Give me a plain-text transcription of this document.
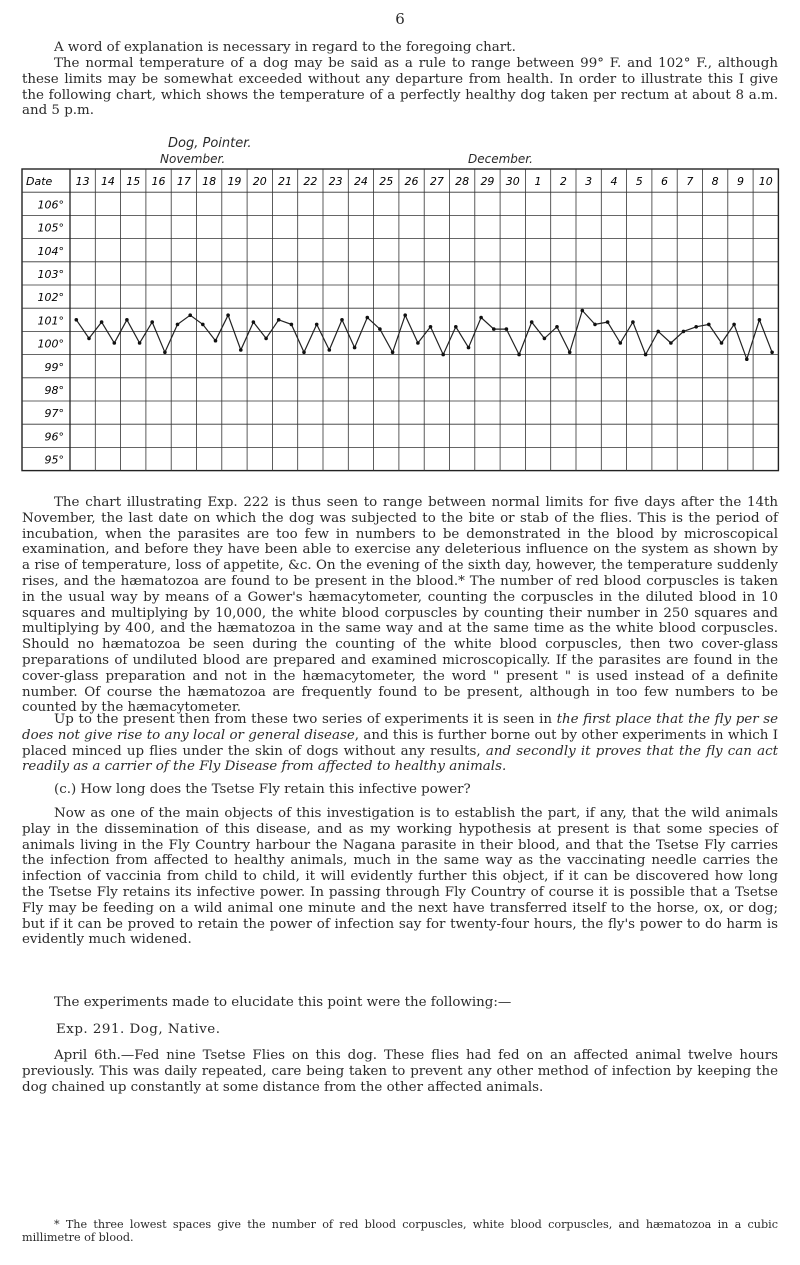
6

A word of explanation is necessary in regard to the foregoing chart.

The normal temperature of a dog may be said as a rule to range between 99° F. and 102° F., although these limits may be somewhat exceeded without any departure from health. In order to illustrate this I give the following chart, which shows the temperature of a perfectly healthy dog taken per rectum at about 8 a.m. and 5 p.m.

Dog, Pointer.
November.	December.
106°
105°
104°
103°
102°
101°
100°
99°
98°
97°
96°
95°
Date 13 14 15 16 17 18 19 20 21 22 23 24 25 26 27 28 29 30 1 2 3 4 5 6 7 8 9 10

The chart illustrating Exp. 222 is thus seen to range between normal limits for five days after the 14th November, the last date on which the dog was subjected to the bite or stab of the flies. This is the period of incubation, when the parasites are too few in numbers to be demonstrated in the blood by microscopical examination, and before they have been able to exercise any deleterious influence on the system as shown by a rise of temperature, loss of appetite, &c. On the evening of the sixth day, however, the temperature suddenly rises, and the hæmatozoa are found to be present in the blood.* The number of red blood corpuscles is taken in the usual way by means of a Gower's hæmacytometer, counting the corpuscles in the diluted blood in 10 squares and multiplying by 10,000, the white blood corpuscles by counting their number in 250 squares and multiplying by 400, and the hæmatozoa in the same way and at the same time as the white blood corpuscles. Should no hæmatozoa be seen during the counting of the white blood corpuscles, then two cover-glass preparations of undiluted blood are prepared and examined microscopically. If the parasites are found in the cover-glass preparation and not in the hæmacytometer, the word " present " is used instead of a definite number. Of course the hæmatozoa are frequently found to be present, although in too few numbers to be counted by the hæmacytometer.

Up to the present then from these two series of experiments it is seen in the first place that the fly per se does not give rise to any local or general disease, and this is further borne out by other experiments in which I placed minced up flies under the skin of dogs without any results, and secondly it proves that the fly can act readily as a carrier of the Fly Disease from affected to healthy animals.

(c.) How long does the Tsetse Fly retain this infective power?

Now as one of the main objects of this investigation is to establish the part, if any, that the wild animals play in the dissemination of this disease, and as my working hypothesis at present is that some species of animals living in the Fly Country harbour the Nagana parasite in their blood, and that the Tsetse Fly carries the infection from affected to healthy animals, much in the same way as the vaccinating needle carries the infection of vaccinia from child to child, it will evidently further this object, if it can be discovered how long the Tsetse Fly retains its infective power. In passing through Fly Country of course it is possible that a Tsetse Fly may be feeding on a wild animal one minute and the next have transferred itself to the horse, ox, or dog; but if it can be proved to retain the power of infection say for twenty-four hours, the fly's power to do harm is evidently much widened.

The experiments made to elucidate this point were the following:—

Exp. 291. Dog, Native.

April 6th.—Fed nine Tsetse Flies on this dog. These flies had fed on an affected animal twelve hours previously. This was daily repeated, care being taken to prevent any other method of infection by keeping the dog chained up constantly at some distance from the other affected animals.

* The three lowest spaces give the number of red blood corpuscles, white blood corpuscles, and hæmatozoa in a cubic millimetre of blood.
